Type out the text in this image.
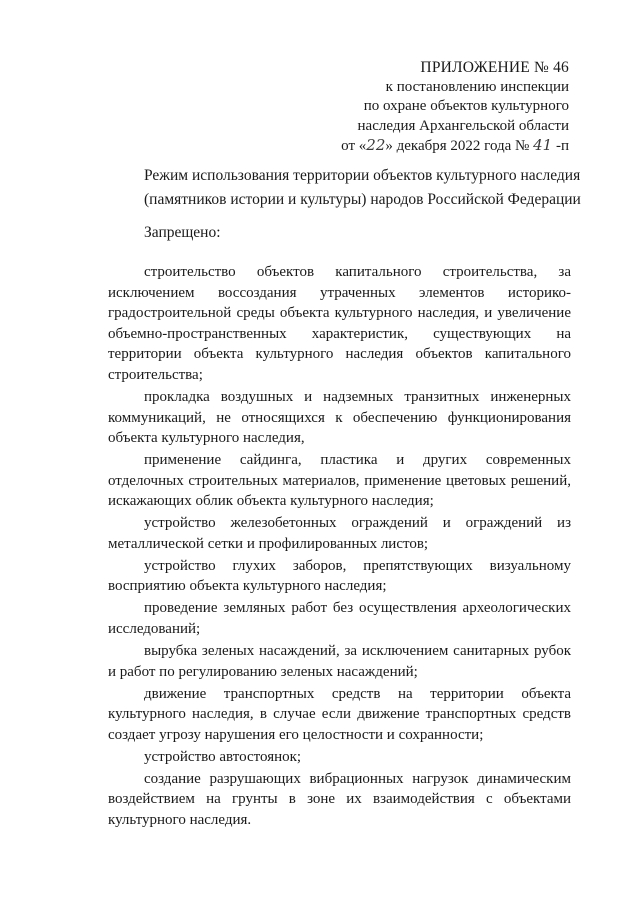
ПРИЛОЖЕНИЕ № 46
к постановлению инспекции
по охране объектов культурного
наследия Архангельской области
от «22» декабря 2022 года № 41 -п
Режим использования территории объектов культурного наследия (памятников истории и культуры) народов Российской Федерации
Запрещено:

строительство объектов капитального строительства, за исключением воссоздания утраченных элементов историко-градостроительной среды объекта культурного наследия, и увеличение объемно-пространственных характеристик, существующих на территории объекта культурного наследия объектов капитального строительства;

прокладка воздушных и надземных транзитных инженерных коммуникаций, не относящихся к обеспечению функционирования объекта культурного наследия,

применение сайдинга, пластика и других современных отделочных строительных материалов, применение цветовых решений, искажающих облик объекта культурного наследия;

устройство железобетонных ограждений и ограждений из металлической сетки и профилированных листов;

устройство глухих заборов, препятствующих визуальному восприятию объекта культурного наследия;

проведение земляных работ без осуществления археологических исследований;

вырубка зеленых насаждений, за исключением санитарных рубок и работ по регулированию зеленых насаждений;

движение транспортных средств на территории объекта культурного наследия, в случае если движение транспортных средств создает угрозу нарушения его целостности и сохранности;

устройство автостоянок;

создание разрушающих вибрационных нагрузок динамическим воздействием на грунты в зоне их взаимодействия с объектами культурного наследия.
